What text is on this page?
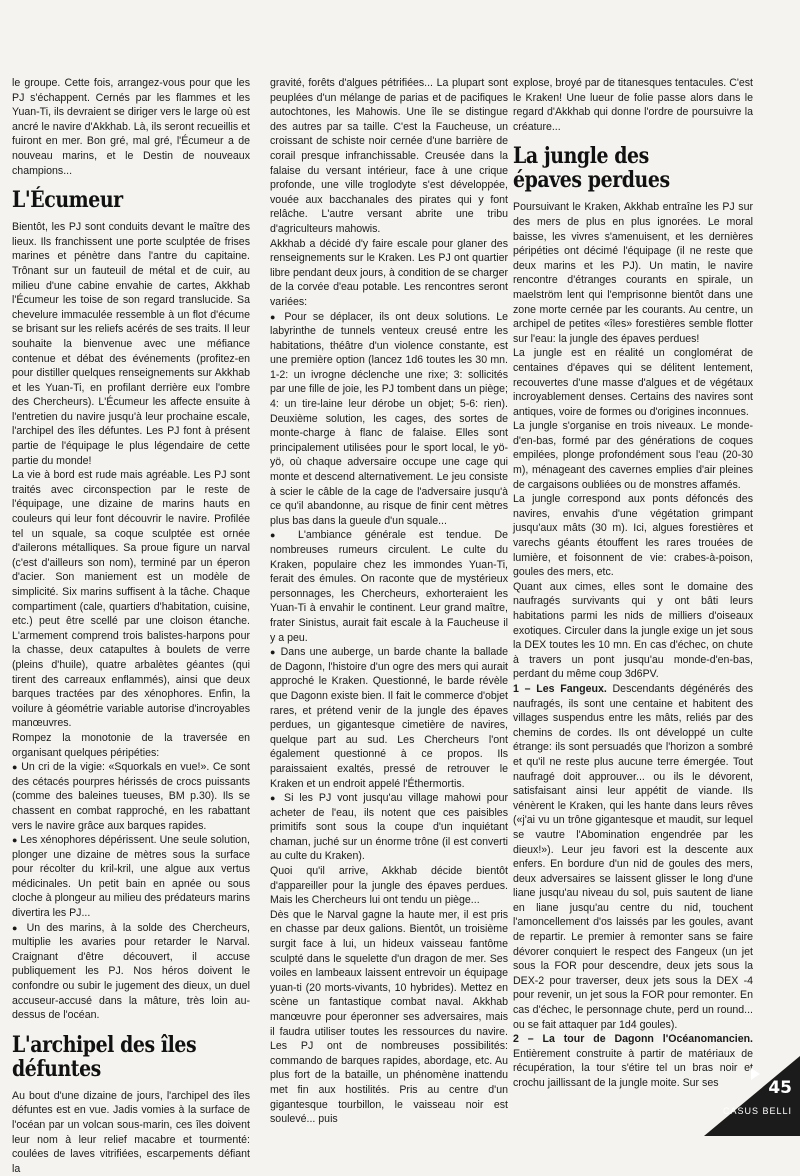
le groupe. Cette fois, arrangez-vous pour que les PJ s'échappent. Cernés par les flammes et les Yuan-Ti, ils devraient se diriger vers le large où est ancré le navire d'Akkhab. Là, ils seront recueillis et fuiront en mer. Bon gré, mal gré, l'Écumeur a de nouveau marins, et le Destin de nouveaux champions...

L'Écumeur

Bientôt, les PJ sont conduits devant le maître des lieux. Ils franchissent une porte sculptée de frises marines et pénètre dans l'antre du capitaine. Trônant sur un fauteuil de métal et de cuir, au milieu d'une cabine envahie de cartes, Akkhab l'Écumeur les toise de son regard translucide. Sa chevelure immaculée ressemble à un flot d'écume se brisant sur les reliefs acérés de ses traits. Il leur souhaite la bienvenue avec une méfiance contenue et débat des événements (profitez-en pour distiller quelques renseignements sur Akkhab et les Yuan-Ti, en profilant derrière eux l'ombre des Chercheurs). L'Écumeur les affecte ensuite à l'entretien du navire jusqu'à leur prochaine escale, l'archipel des îles défuntes. Les PJ font à présent partie de l'équipage le plus légendaire de cette partie du monde!

La vie à bord est rude mais agréable. Les PJ sont traités avec circonspection par le reste de l'équipage, une dizaine de marins hauts en couleurs qui leur font découvrir le navire. Profilée tel un squale, sa coque sculptée est ornée d'ailerons métalliques. Sa proue figure un narval (c'est d'ailleurs son nom), terminé par un éperon d'acier. Son maniement est un modèle de simplicité. Six marins suffisent à la tâche. Chaque compartiment (cale, quartiers d'habitation, cuisine, etc.) peut être scellé par une cloison étanche. L'armement comprend trois balistes-harpons pour la chasse, deux catapultes à boulets de verre (pleins d'huile), quatre arbalètes géantes (qui tirent des carreaux enflammés), ainsi que deux barques tractées par des xénophores. Enfin, la voilure à géométrie variable autorise d'incroyables manœuvres.

Rompez la monotonie de la traversée en organisant quelques péripéties:

● Un cri de la vigie: «Squorkals en vue!». Ce sont des cétacés pourpres hérissés de crocs puissants (comme des baleines tueuses, BM p.30). Ils se chassent en combat rapproché, en les rabattant vers le navire grâce aux barques rapides.

● Les xénophores dépérissent. Une seule solution, plonger une dizaine de mètres sous la surface pour récolter du kril-kril, une algue aux vertus médicinales. Un petit bain en apnée ou sous cloche à plongeur au milieu des prédateurs marins divertira les PJ...

● Un des marins, à la solde des Chercheurs, multiplie les avaries pour retarder le Narval. Craignant d'être découvert, il accuse publiquement les PJ. Nos héros doivent le confondre ou subir le jugement des dieux, un duel accuseur-accusé dans la mâture, très loin au-dessus de l'océan.

L'archipel des îles défuntes

Au bout d'une dizaine de jours, l'archipel des îles défuntes est en vue. Jadis vomies à la surface de l'océan par un volcan sous-marin, ces îles doivent leur nom à leur relief macabre et tourmenté: coulées de laves vitrifiées, escarpements défiant la

gravité, forêts d'algues pétrifiées... La plupart sont peuplées d'un mélange de parias et de pacifiques autochtones, les Mahowis. Une île se distingue des autres par sa taille. C'est la Faucheuse, un croissant de schiste noir cernée d'une barrière de corail presque infranchissable. Creusée dans la falaise du versant intérieur, face à une crique profonde, une ville troglodyte s'est développée, vouée aux bacchanales des pirates qui y font relâche. L'autre versant abrite une tribu d'agriculteurs mahowis.

Akkhab a décidé d'y faire escale pour glaner des renseignements sur le Kraken. Les PJ ont quartier libre pendant deux jours, à condition de se charger de la corvée d'eau potable. Les rencontres seront variées:

● Pour se déplacer, ils ont deux solutions. Le labyrinthe de tunnels venteux creusé entre les habitations, théâtre d'un violence constante, est une première option (lancez 1d6 toutes les 30 mn. 1-2: un ivrogne déclenche une rixe; 3: sollicités par une fille de joie, les PJ tombent dans un piège; 4: un tire-laine leur dérobe un objet; 5-6: rien). Deuxième solution, les cages, des sortes de monte-charge à flanc de falaise. Elles sont principalement utilisées pour le sport local, le yö-yö, où chaque adversaire occupe une cage qui monte et descend alternativement. Le jeu consiste à scier le câble de la cage de l'adversaire jusqu'à ce qu'il abandonne, au risque de finir cent mètres plus bas dans la gueule d'un squale...

● L'ambiance générale est tendue. De nombreuses rumeurs circulent. Le culte du Kraken, populaire chez les immondes Yuan-Ti, ferait des émules. On raconte que de mystérieux personnages, les Chercheurs, exhorteraient les Yuan-Ti à envahir le continent. Leur grand maître, frater Sinistus, aurait fait escale à la Faucheuse il y a peu.

● Dans une auberge, un barde chante la ballade de Dagonn, l'histoire d'un ogre des mers qui aurait approché le Kraken. Questionné, le barde révèle que Dagonn existe bien. Il fait le commerce d'objet rares, et prétend venir de la jungle des épaves perdues, un gigantesque cimetière de navires, quelque part au sud. Les Chercheurs l'ont également questionné à ce propos. Ils paraissaient exaltés, pressé de retrouver le Kraken et un endroit appelé l'Éthermortis.

● Si les PJ vont jusqu'au village mahowi pour acheter de l'eau, ils notent que ces paisibles primitifs sont sous la coupe d'un inquiétant chaman, juché sur un énorme trône (il est converti au culte du Kraken).

Quoi qu'il arrive, Akkhab décide bientôt d'appareiller pour la jungle des épaves perdues. Mais les Chercheurs lui ont tendu un piège...

Dès que le Narval gagne la haute mer, il est pris en chasse par deux galions. Bientôt, un troisième surgit face à lui, un hideux vaisseau fantôme sculpté dans le squelette d'un dragon de mer. Ses voiles en lambeaux laissent entrevoir un équipage yuan-ti (20 morts-vivants, 10 hybrides). Mettez en scène un fantastique combat naval. Akkhab manœuvre pour éperonner ses adversaires, mais il faudra utiliser toutes les ressources du navire. Les PJ ont de nombreuses possibilités: commando de barques rapides, abordage, etc. Au plus fort de la bataille, un phénomène inattendu met fin aux hostilités. Pris au centre d'un gigantesque tourbillon, le vaisseau noir est soulevé... puis

explose, broyé par de titanesques tentacules. C'est le Kraken! Une lueur de folie passe alors dans le regard d'Akkhab qui donne l'ordre de poursuivre la créature...

La jungle des épaves perdues

Poursuivant le Kraken, Akkhab entraîne les PJ sur des mers de plus en plus ignorées. Le moral baisse, les vivres s'amenuisent, et les dernières péripéties ont décimé l'équipage (il ne reste que deux marins et les PJ). Un matin, le navire rencontre d'étranges courants en spirale, un maelström lent qui l'emprisonne bientôt dans une zone morte cernée par les courants. Au centre, un archipel de petites «îles» forestières semble flotter sur l'eau: la jungle des épaves perdues!

La jungle est en réalité un conglomérat de centaines d'épaves qui se délitent lentement, recouvertes d'une masse d'algues et de végétaux incroyablement denses. Certains des navires sont antiques, voire de formes ou d'origines inconnues.

La jungle s'organise en trois niveaux. Le monde-d'en-bas, formé par des générations de coques empilées, plonge profondément sous l'eau (20-30 m), ménageant des cavernes emplies d'air pleines de cargaisons oubliées ou de monstres affamés.

La jungle correspond aux ponts défoncés des navires, envahis d'une végétation grimpant jusqu'aux mâts (30 m). Ici, algues forestières et varechs géants étouffent les rares trouées de lumière, et foisonnent de vie: crabes-à-poison, goules des mers, etc.

Quant aux cimes, elles sont le domaine des naufragés survivants qui y ont bâti leurs habitations parmi les nids de milliers d'oiseaux exotiques. Circuler dans la jungle exige un jet sous la DEX toutes les 10 mn. En cas d'échec, on chute à travers un pont jusqu'au monde-d'en-bas, perdant du même coup 3d6PV.

1 – Les Fangeux. Descendants dégénérés des naufragés, ils sont une centaine et habitent des villages suspendus entre les mâts, reliés par des chemins de cordes. Ils ont développé un culte étrange: ils sont persuadés que l'horizon a sombré et qu'il ne reste plus aucune terre émergée. Tout naufragé doit approuver... ou ils le dévorent, satisfaisant ainsi leur appétit de viande. Ils vénèrent le Kraken, qui les hante dans leurs rêves («j'ai vu un trône gigantesque et maudit, sur lequel se vautre l'Abomination engendrée par les dieux!»). Leur jeu favori est la descente aux enfers. En bordure d'un nid de goules des mers, deux adversaires se laissent glisser le long d'une liane jusqu'au niveau du sol, puis sautent de liane en liane jusqu'au centre du nid, touchent l'amoncellement d'os laissés par les goules, avant de repartir. Le premier à remonter sans se faire dévorer conquiert le respect des Fangeux (un jet sous la FOR pour descendre, deux jets sous la DEX-2 pour traverser, deux jets sous la DEX -4 pour revenir, un jet sous la FOR pour remonter. En cas d'échec, le personnage chute, perd un round... ou se fait attaquer par 1d4 goules).

2 – La tour de Dagonn l'Océanomancien. Entièrement construite à partir de matériaux de récupération, la tour s'étire tel un bras noir et crochu jaillissant de la jungle moite. Sur ses	45
CASUS BELLI
